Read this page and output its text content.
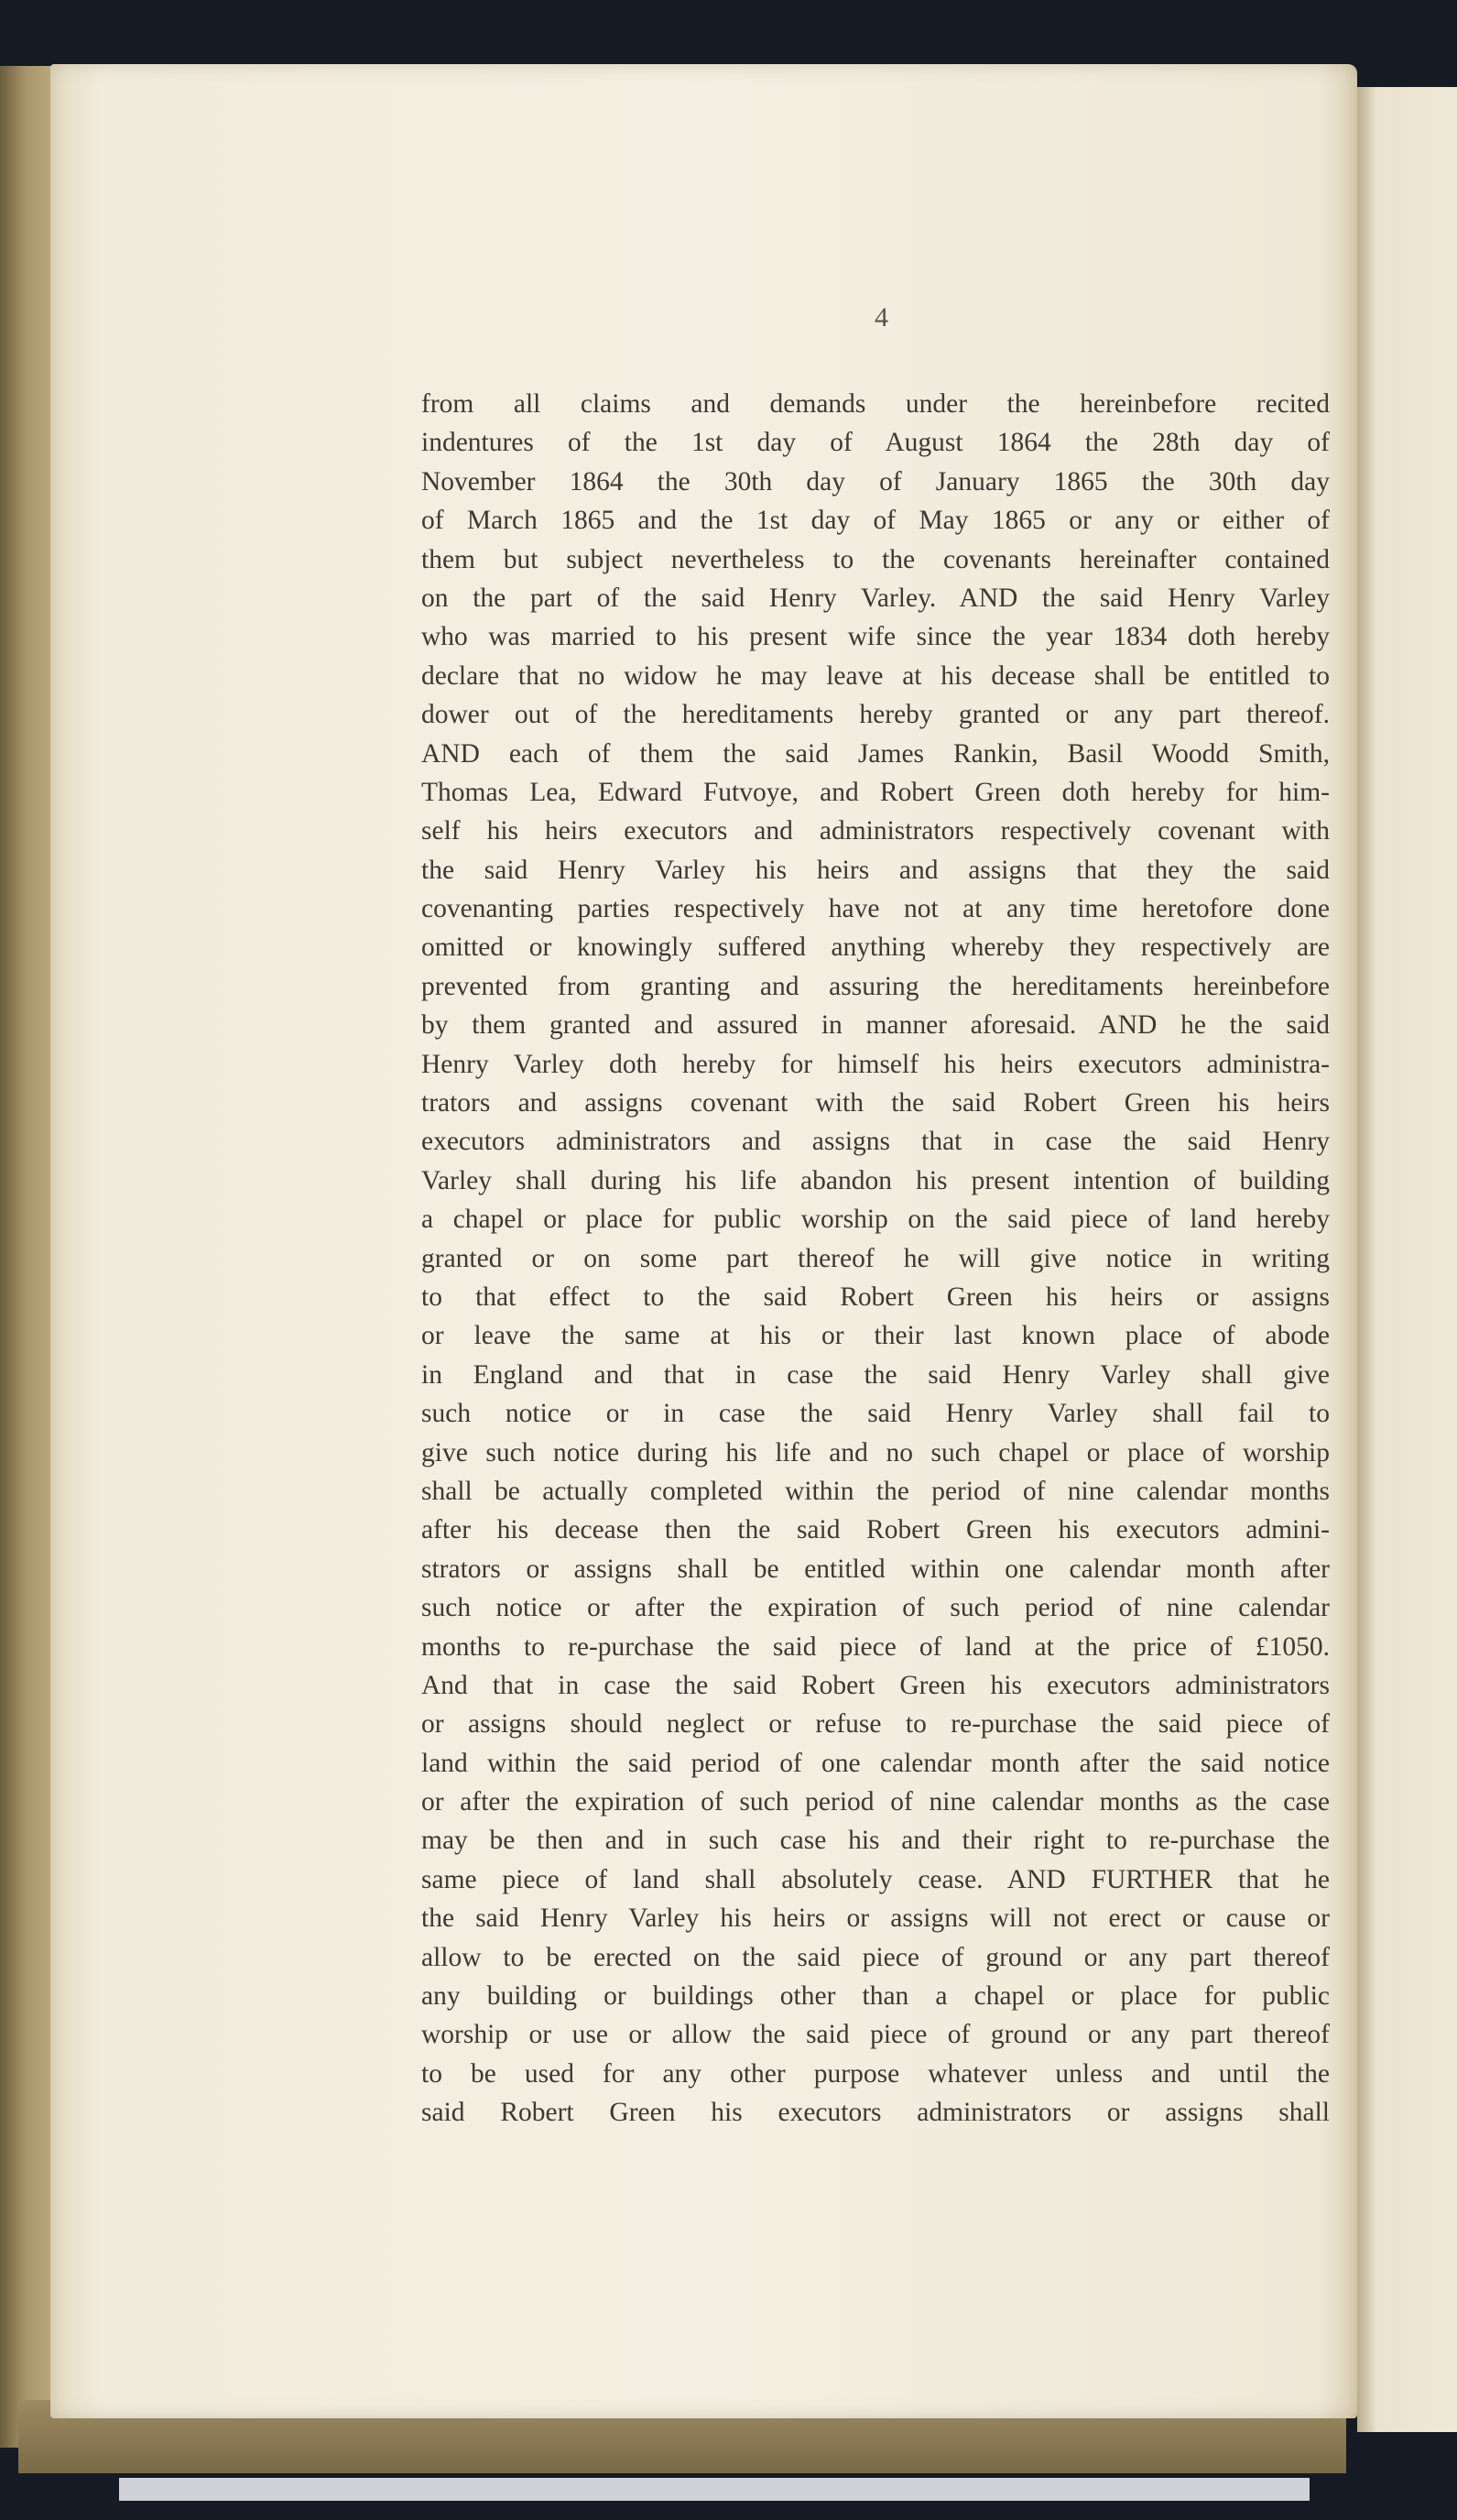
4
from all claims and demands under the hereinbefore recited
indentures of the 1st day of August 1864 the 28th day of
November 1864 the 30th day of January 1865 the 30th day
of March 1865 and the 1st day of May 1865 or any or either of
them but subject nevertheless to the covenants hereinafter contained
on the part of the said Henry Varley. AND the said Henry Varley
who was married to his present wife since the year 1834 doth hereby
declare that no widow he may leave at his decease shall be entitled to
dower out of the hereditaments hereby granted or any part thereof.
AND each of them the said James Rankin, Basil Woodd Smith,
Thomas Lea, Edward Futvoye, and Robert Green doth hereby for him-
self his heirs executors and administrators respectively covenant with
the said Henry Varley his heirs and assigns that they the said
covenanting parties respectively have not at any time heretofore done
omitted or knowingly suffered anything whereby they respectively are
prevented from granting and assuring the hereditaments hereinbefore
by them granted and assured in manner aforesaid. AND he the said
Henry Varley doth hereby for himself his heirs executors administra-
trators and assigns covenant with the said Robert Green his heirs
executors administrators and assigns that in case the said Henry
Varley shall during his life abandon his present intention of building
a chapel or place for public worship on the said piece of land hereby
granted or on some part thereof he will give notice in writing
to that effect to the said Robert Green his heirs or assigns
or leave the same at his or their last known place of abode
in England and that in case the said Henry Varley shall give
such notice or in case the said Henry Varley shall fail to
give such notice during his life and no such chapel or place of worship
shall be actually completed within the period of nine calendar months
after his decease then the said Robert Green his executors admini-
strators or assigns shall be entitled within one calendar month after
such notice or after the expiration of such period of nine calendar
months to re-purchase the said piece of land at the price of £1050.
And that in case the said Robert Green his executors administrators
or assigns should neglect or refuse to re-purchase the said piece of
land within the said period of one calendar month after the said notice
or after the expiration of such period of nine calendar months as the case
may be then and in such case his and their right to re-purchase the
same piece of land shall absolutely cease. AND FURTHER that he
the said Henry Varley his heirs or assigns will not erect or cause or
allow to be erected on the said piece of ground or any part thereof
any building or buildings other than a chapel or place for public
worship or use or allow the said piece of ground or any part thereof
to be used for any other purpose whatever unless and until the
said Robert Green his executors administrators or assigns shall
